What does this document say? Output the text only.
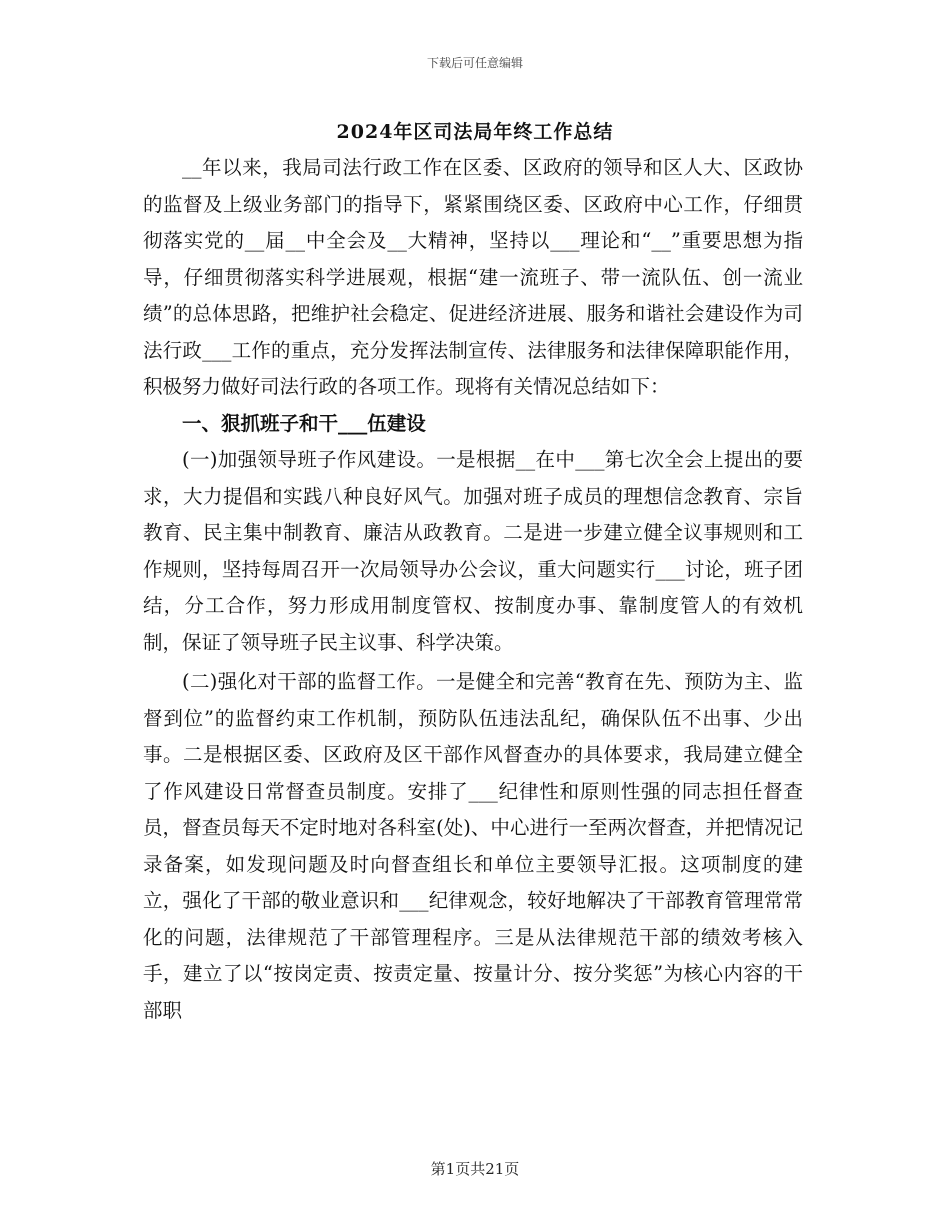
下载后可任意编辑
2024年区司法局年终工作总结

__年以来，我局司法行政工作在区委、区政府的领导和区人大、区政协的监督及上级业务部门的指导下，紧紧围绕区委、区政府中心工作，仔细贯彻落实党的__届__中全会及__大精神，坚持以___理论和“__”重要思想为指导，仔细贯彻落实科学进展观，根据“建一流班子、带一流队伍、创一流业绩”的总体思路，把维护社会稳定、促进经济进展、服务和谐社会建设作为司法行政___工作的重点，充分发挥法制宣传、法律服务和法律保障职能作用，积极努力做好司法行政的各项工作。现将有关情况总结如下：

一、狠抓班子和干___伍建设

(一)加强领导班子作风建设。一是根据__在中___第七次全会上提出的要求，大力提倡和实践八种良好风气。加强对班子成员的理想信念教育、宗旨教育、民主集中制教育、廉洁从政教育。二是进一步建立健全议事规则和工作规则，坚持每周召开一次局领导办公会议，重大问题实行___讨论，班子团结，分工合作，努力形成用制度管权、按制度办事、靠制度管人的有效机制，保证了领导班子民主议事、科学决策。

(二)强化对干部的监督工作。一是健全和完善“教育在先、预防为主、监督到位”的监督约束工作机制，预防队伍违法乱纪，确保队伍不出事、少出事。二是根据区委、区政府及区干部作风督查办的具体要求，我局建立健全了作风建设日常督查员制度。安排了___纪律性和原则性强的同志担任督查员，督查员每天不定时地对各科室(处)、中心进行一至两次督查，并把情况记录备案，如发现问题及时向督查组长和单位主要领导汇报。这项制度的建立，强化了干部的敬业意识和___纪律观念，较好地解决了干部教育管理常常化的问题，法律规范了干部管理程序。三是从法律规范干部的绩效考核入手，建立了以“按岗定责、按责定量、按量计分、按分奖惩”为核心内容的干部职

第1页共21页
